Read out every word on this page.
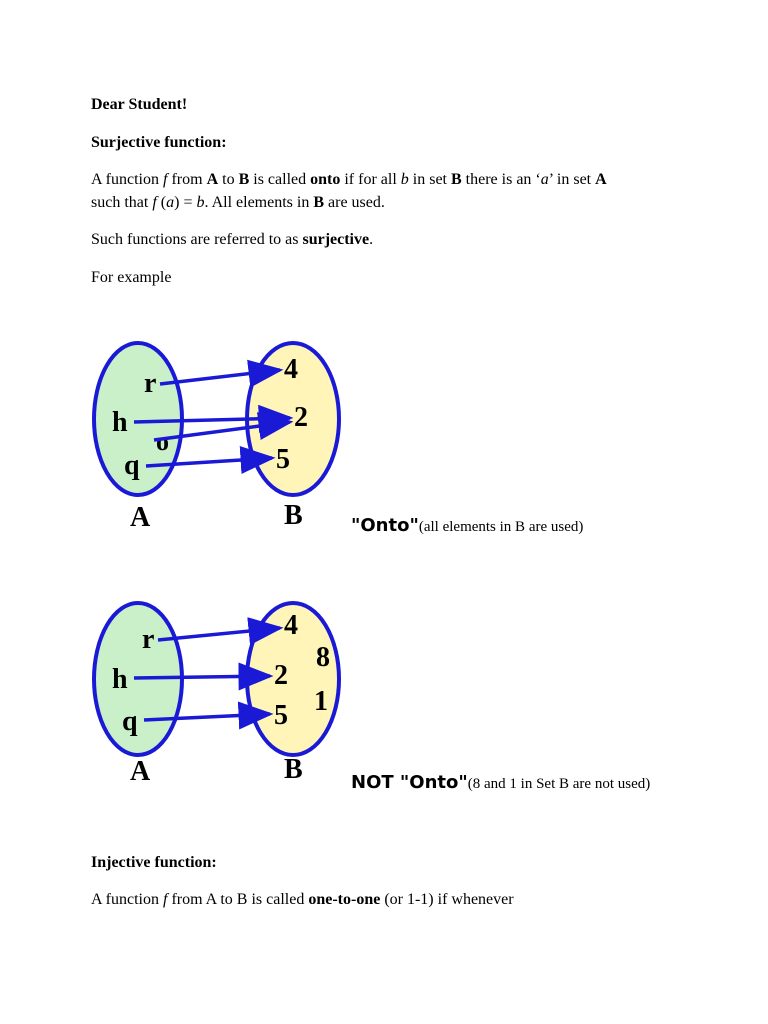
Dear Student!

Surjective function:

A function f from A to B is called onto if for all b in set B there is an ‘a’ in set A

such that f (a) = b. All elements in B are used.

Such functions are referred to as surjective.

For example

r
h
o
q
4
2
5
A	B	"Onto"(all elements in B are used)
r
h
q
4
8
2
1
5
A	B	NOT "Onto"(8 and 1 in Set B are not used)

Injective function:

A function f from A to B is called one-to-one (or 1-1) if whenever
